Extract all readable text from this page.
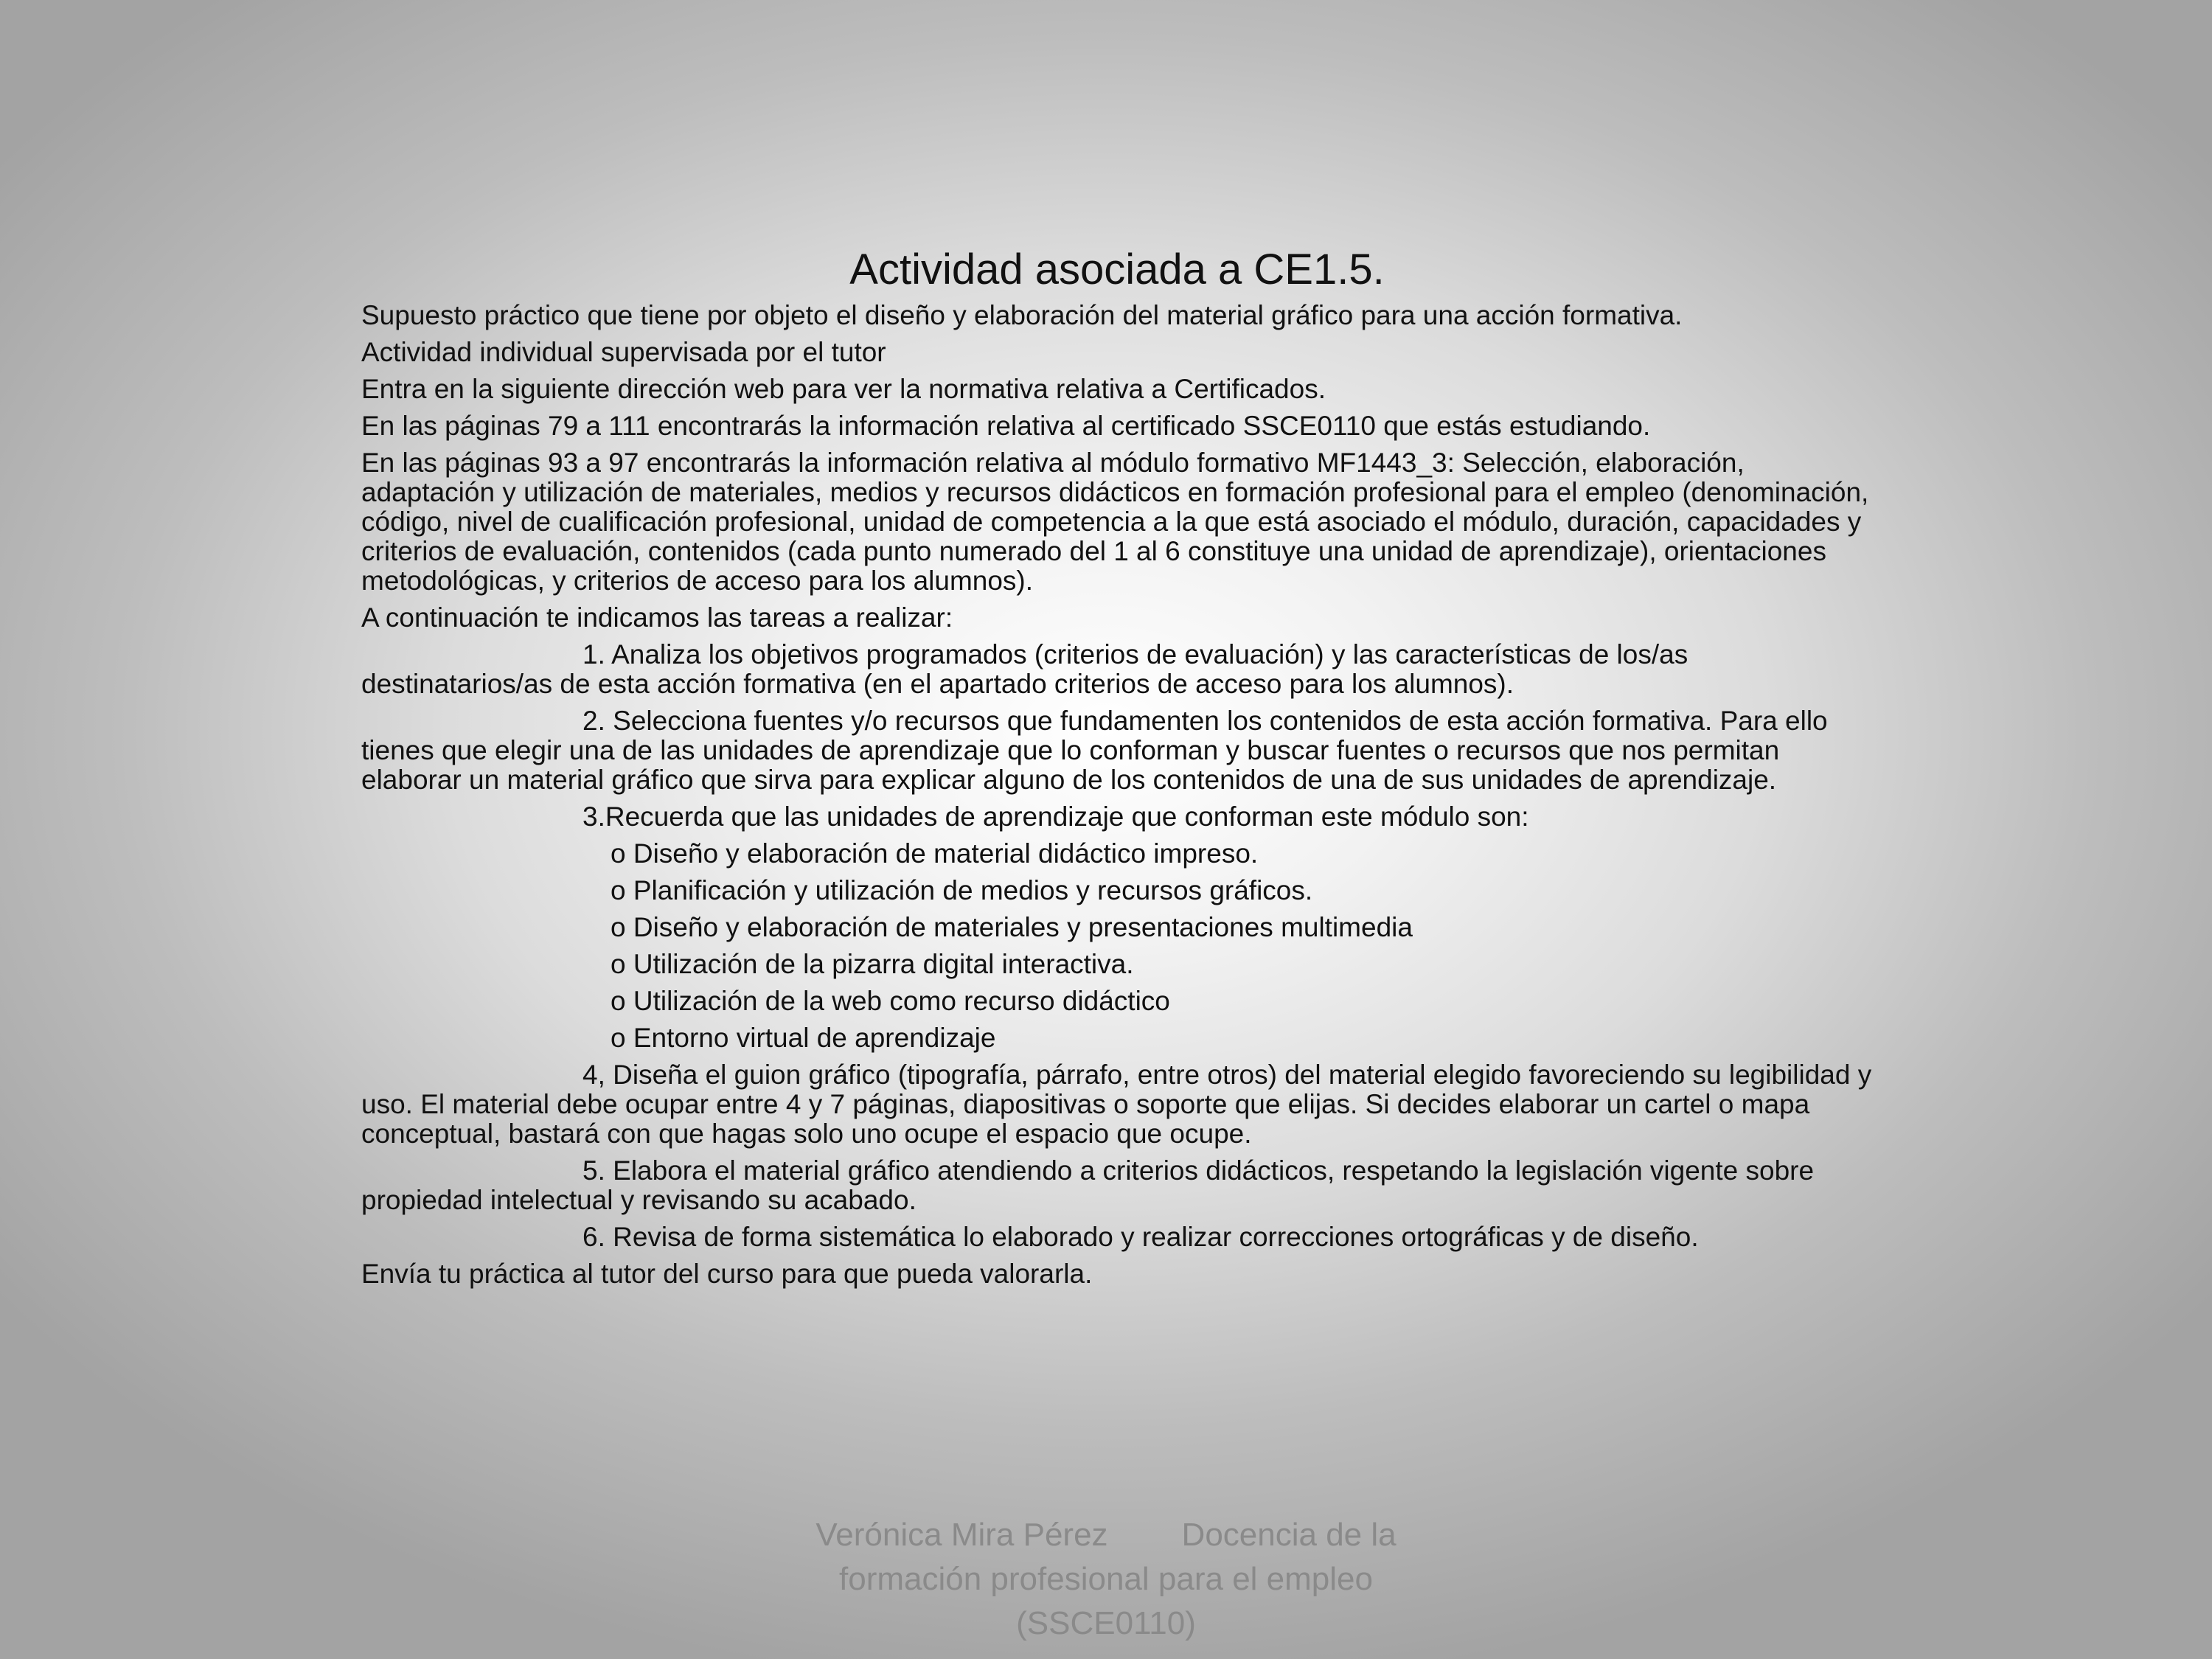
Actividad asociada a CE1.5.

Supuesto práctico que tiene por objeto el diseño y elaboración del material gráfico para una acción formativa.

Actividad individual supervisada por el tutor

Entra en la siguiente dirección web para ver la normativa relativa a Certificados.

En las páginas 79 a 111 encontrarás la información relativa al certificado SSCE0110 que estás estudiando.

En las páginas 93 a 97 encontrarás la información relativa al módulo formativo MF1443_3: Selección, elaboración, adaptación y utilización de materiales, medios y recursos didácticos en formación profesional para el empleo (denominación, código, nivel de cualificación profesional, unidad de competencia a la que está asociado el módulo, duración, capacidades y criterios de evaluación, contenidos (cada punto numerado del 1 al 6 constituye una unidad de aprendizaje), orientaciones metodológicas, y criterios de acceso para los alumnos).

A continuación te indicamos las tareas a realizar:

1. Analiza los objetivos programados (criterios de evaluación) y las características de los/as destinatarios/as de esta acción formativa (en el apartado criterios de acceso para los alumnos).

2. Selecciona fuentes y/o recursos que fundamenten los contenidos de esta acción formativa. Para ello tienes que elegir una de las unidades de aprendizaje que lo conforman y buscar fuentes o recursos que nos permitan elaborar un material gráfico que sirva para explicar alguno de los contenidos de una de sus unidades de aprendizaje.

3.Recuerda que las unidades de aprendizaje que conforman este módulo son:

o Diseño y elaboración de material didáctico impreso.

o Planificación y utilización de medios y recursos gráficos.

o Diseño y elaboración de materiales y presentaciones multimedia

o Utilización de la pizarra digital interactiva.

o Utilización de la web como recurso didáctico

o Entorno virtual de aprendizaje

4, Diseña el guion gráfico (tipografía, párrafo, entre otros) del material elegido favoreciendo su legibilidad y uso. El material debe ocupar entre 4 y 7 páginas, diapositivas o soporte que elijas. Si decides elaborar un cartel o mapa conceptual, bastará con que hagas solo uno ocupe el espacio que ocupe.

5. Elabora el material gráfico atendiendo a criterios didácticos, respetando la legislación vigente sobre propiedad intelectual y revisando su acabado.

6. Revisa de forma sistemática lo elaborado y realizar correcciones ortográficas y de diseño.

Envía tu práctica al tutor del curso para que pueda valorarla.

Verónica Mira Pérez Docencia de la
formación profesional para el empleo
(SSCE0110)
